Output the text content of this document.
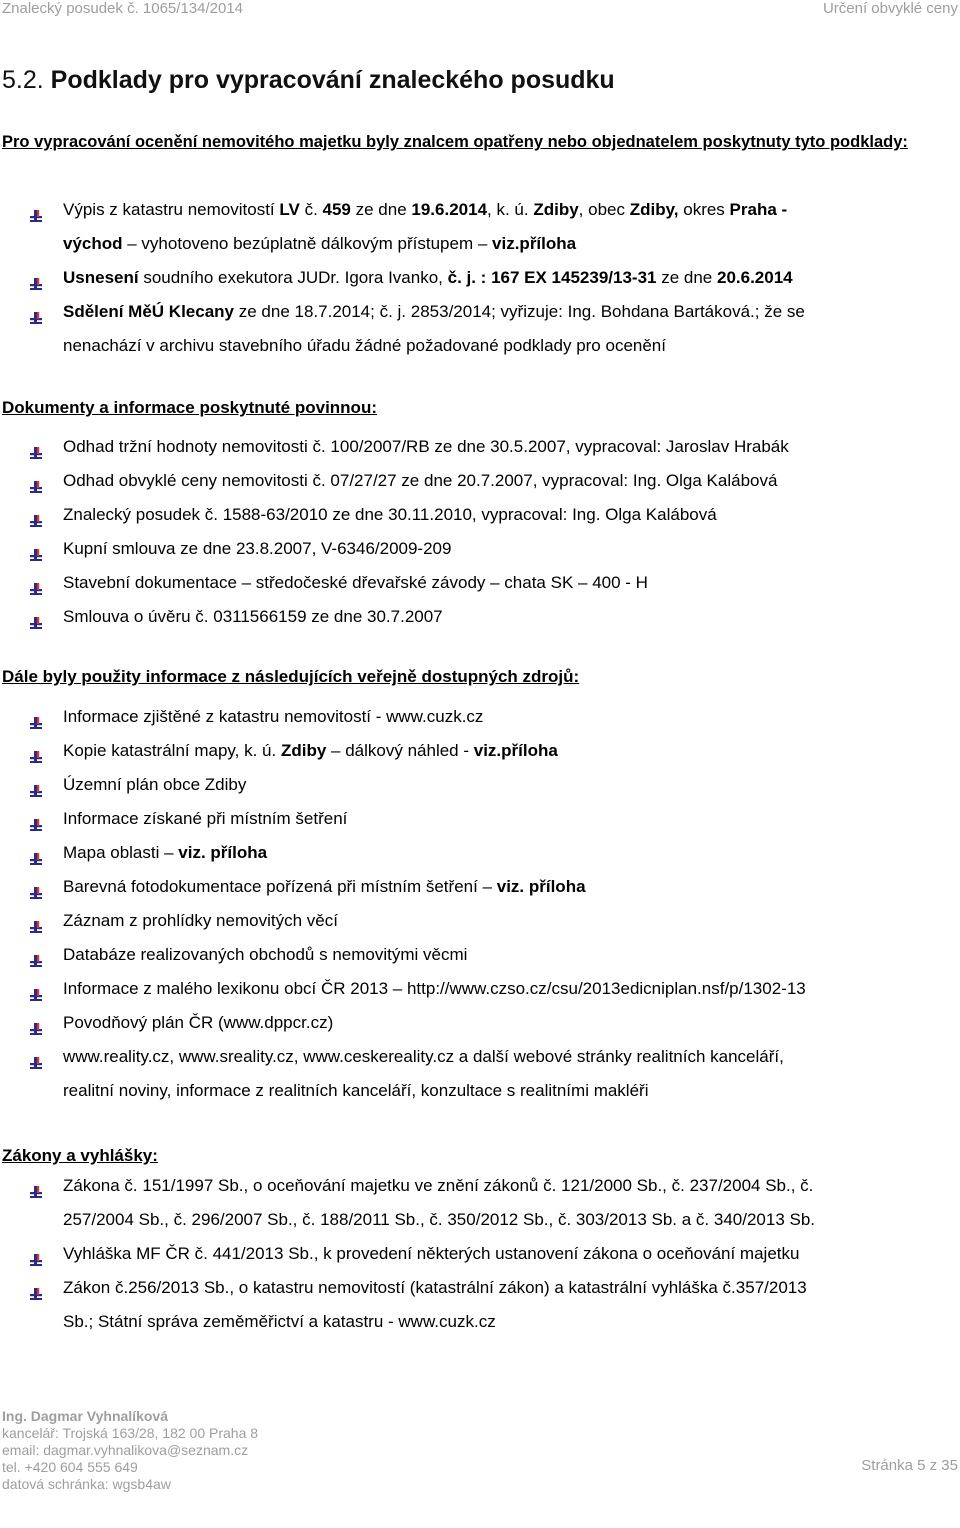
Znalecký posudek č. 1065/134/2014	Určení obvyklé ceny
5.2. Podklady pro vypracování znaleckého posudku
Pro vypracování ocenění nemovitého majetku byly znalcem opatřeny nebo objednatelem poskytnuty tyto podklady:
Výpis z katastru nemovitostí LV č. 459 ze dne 19.6.2014, k. ú. Zdiby, obec Zdiby, okres Praha -
východ – vyhotoveno bezúplatně dálkovým přístupem – viz.příloha
Usnesení soudního exekutora JUDr. Igora Ivanko, č. j. : 167 EX 145239/13-31 ze dne 20.6.2014
Sdělení MěÚ Klecany ze dne 18.7.2014; č. j. 2853/2014; vyřizuje: Ing. Bohdana Bartáková.; že se
nenachází v archivu stavebního úřadu žádné požadované podklady pro ocenění
Dokumenty a informace poskytnuté povinnou:
Odhad tržní hodnoty nemovitosti č. 100/2007/RB ze dne 30.5.2007, vypracoval: Jaroslav Hrabák
Odhad obvyklé ceny nemovitosti č. 07/27/27 ze dne 20.7.2007, vypracoval: Ing. Olga Kalábová
Znalecký posudek č. 1588-63/2010 ze dne 30.11.2010, vypracoval: Ing. Olga Kalábová
Kupní smlouva ze dne 23.8.2007, V-6346/2009-209
Stavební dokumentace – středočeské dřevařské závody – chata SK – 400 - H
Smlouva o úvěru č. 0311566159 ze dne 30.7.2007
Dále byly použity informace z následujících veřejně dostupných zdrojů:
Informace zjištěné z katastru nemovitostí - www.cuzk.cz
Kopie katastrální mapy, k. ú. Zdiby – dálkový náhled - viz.příloha
Územní plán obce Zdiby
Informace získané při místním šetření
Mapa oblasti – viz. příloha
Barevná fotodokumentace pořízená při místním šetření – viz. příloha
Záznam z prohlídky nemovitých věcí
Databáze realizovaných obchodů s nemovitými věcmi
Informace z malého lexikonu obcí ČR 2013 – http://www.czso.cz/csu/2013edicniplan.nsf/p/1302-13
Povodňový plán ČR (www.dppcr.cz)
www.reality.cz, www.sreality.cz, www.ceskereality.cz a další webové stránky realitních kanceláří,
realitní noviny, informace z realitních kanceláří, konzultace s realitními makléři
Zákony a vyhlášky:
Zákona č. 151/1997 Sb., o oceňování majetku ve znění zákonů č. 121/2000 Sb., č. 237/2004 Sb., č.
257/2004 Sb., č. 296/2007 Sb., č. 188/2011 Sb., č. 350/2012 Sb., č. 303/2013 Sb. a č. 340/2013 Sb.
Vyhláška MF ČR č. 441/2013 Sb., k provedení některých ustanovení zákona o oceňování majetku
Zákon č.256/2013 Sb., o katastru nemovitostí (katastrální zákon) a katastrální vyhláška č.357/2013
Sb.; Státní správa zeměměřictví a katastru - www.cuzk.cz
Ing. Dagmar Vyhnalíková
kancelář: Trojská 163/28, 182 00 Praha 8
email: dagmar.vyhnalikova@seznam.cz
tel. +420 604 555 649
datová schránka: wgsb4aw
Stránka 5 z 35
